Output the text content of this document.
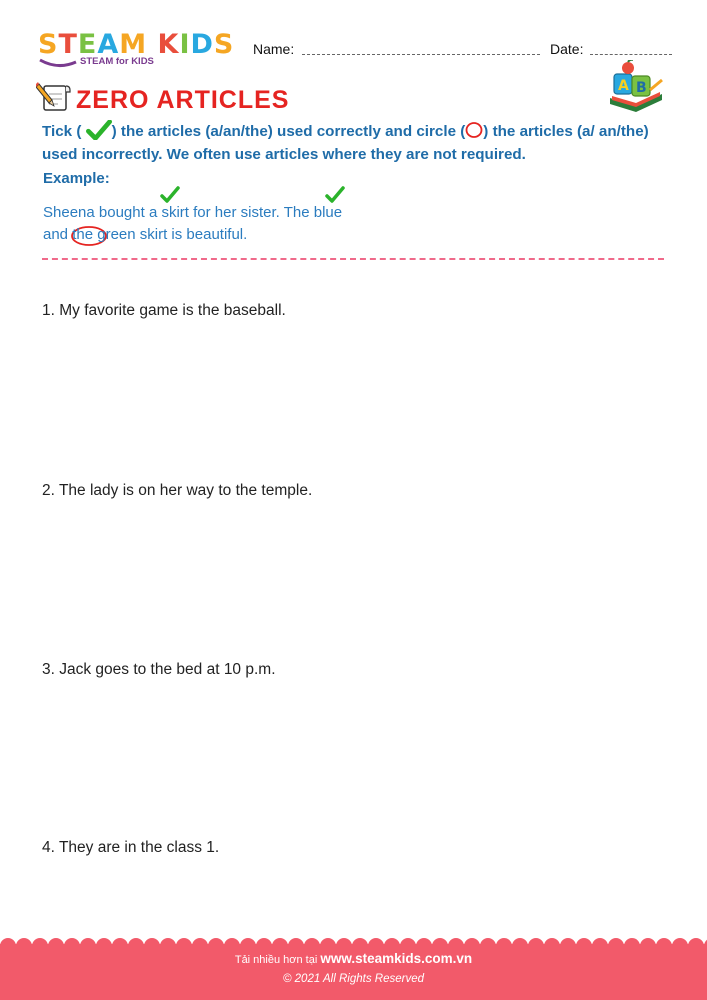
STEAM KIDS
STEAM for KIDS
Name:	Date:
ZERO ARTICLES	A B
Tick ( ) the articles (a/an/the) used correctly and circle ( ) the articles (a/ an/the) used incorrectly. We often use articles where they are not required.
Example:
Sheena bought a skirt for her sister. The blue
and the green skirt is beautiful.
1. My favorite game is the baseball.
2. The lady is on her way to the temple.
3. Jack goes to the bed at 10 p.m.
4. They are in the class 1.
Tải nhiều hơn tại www.steamkids.com.vn
© 2021 All Rights Reserved
